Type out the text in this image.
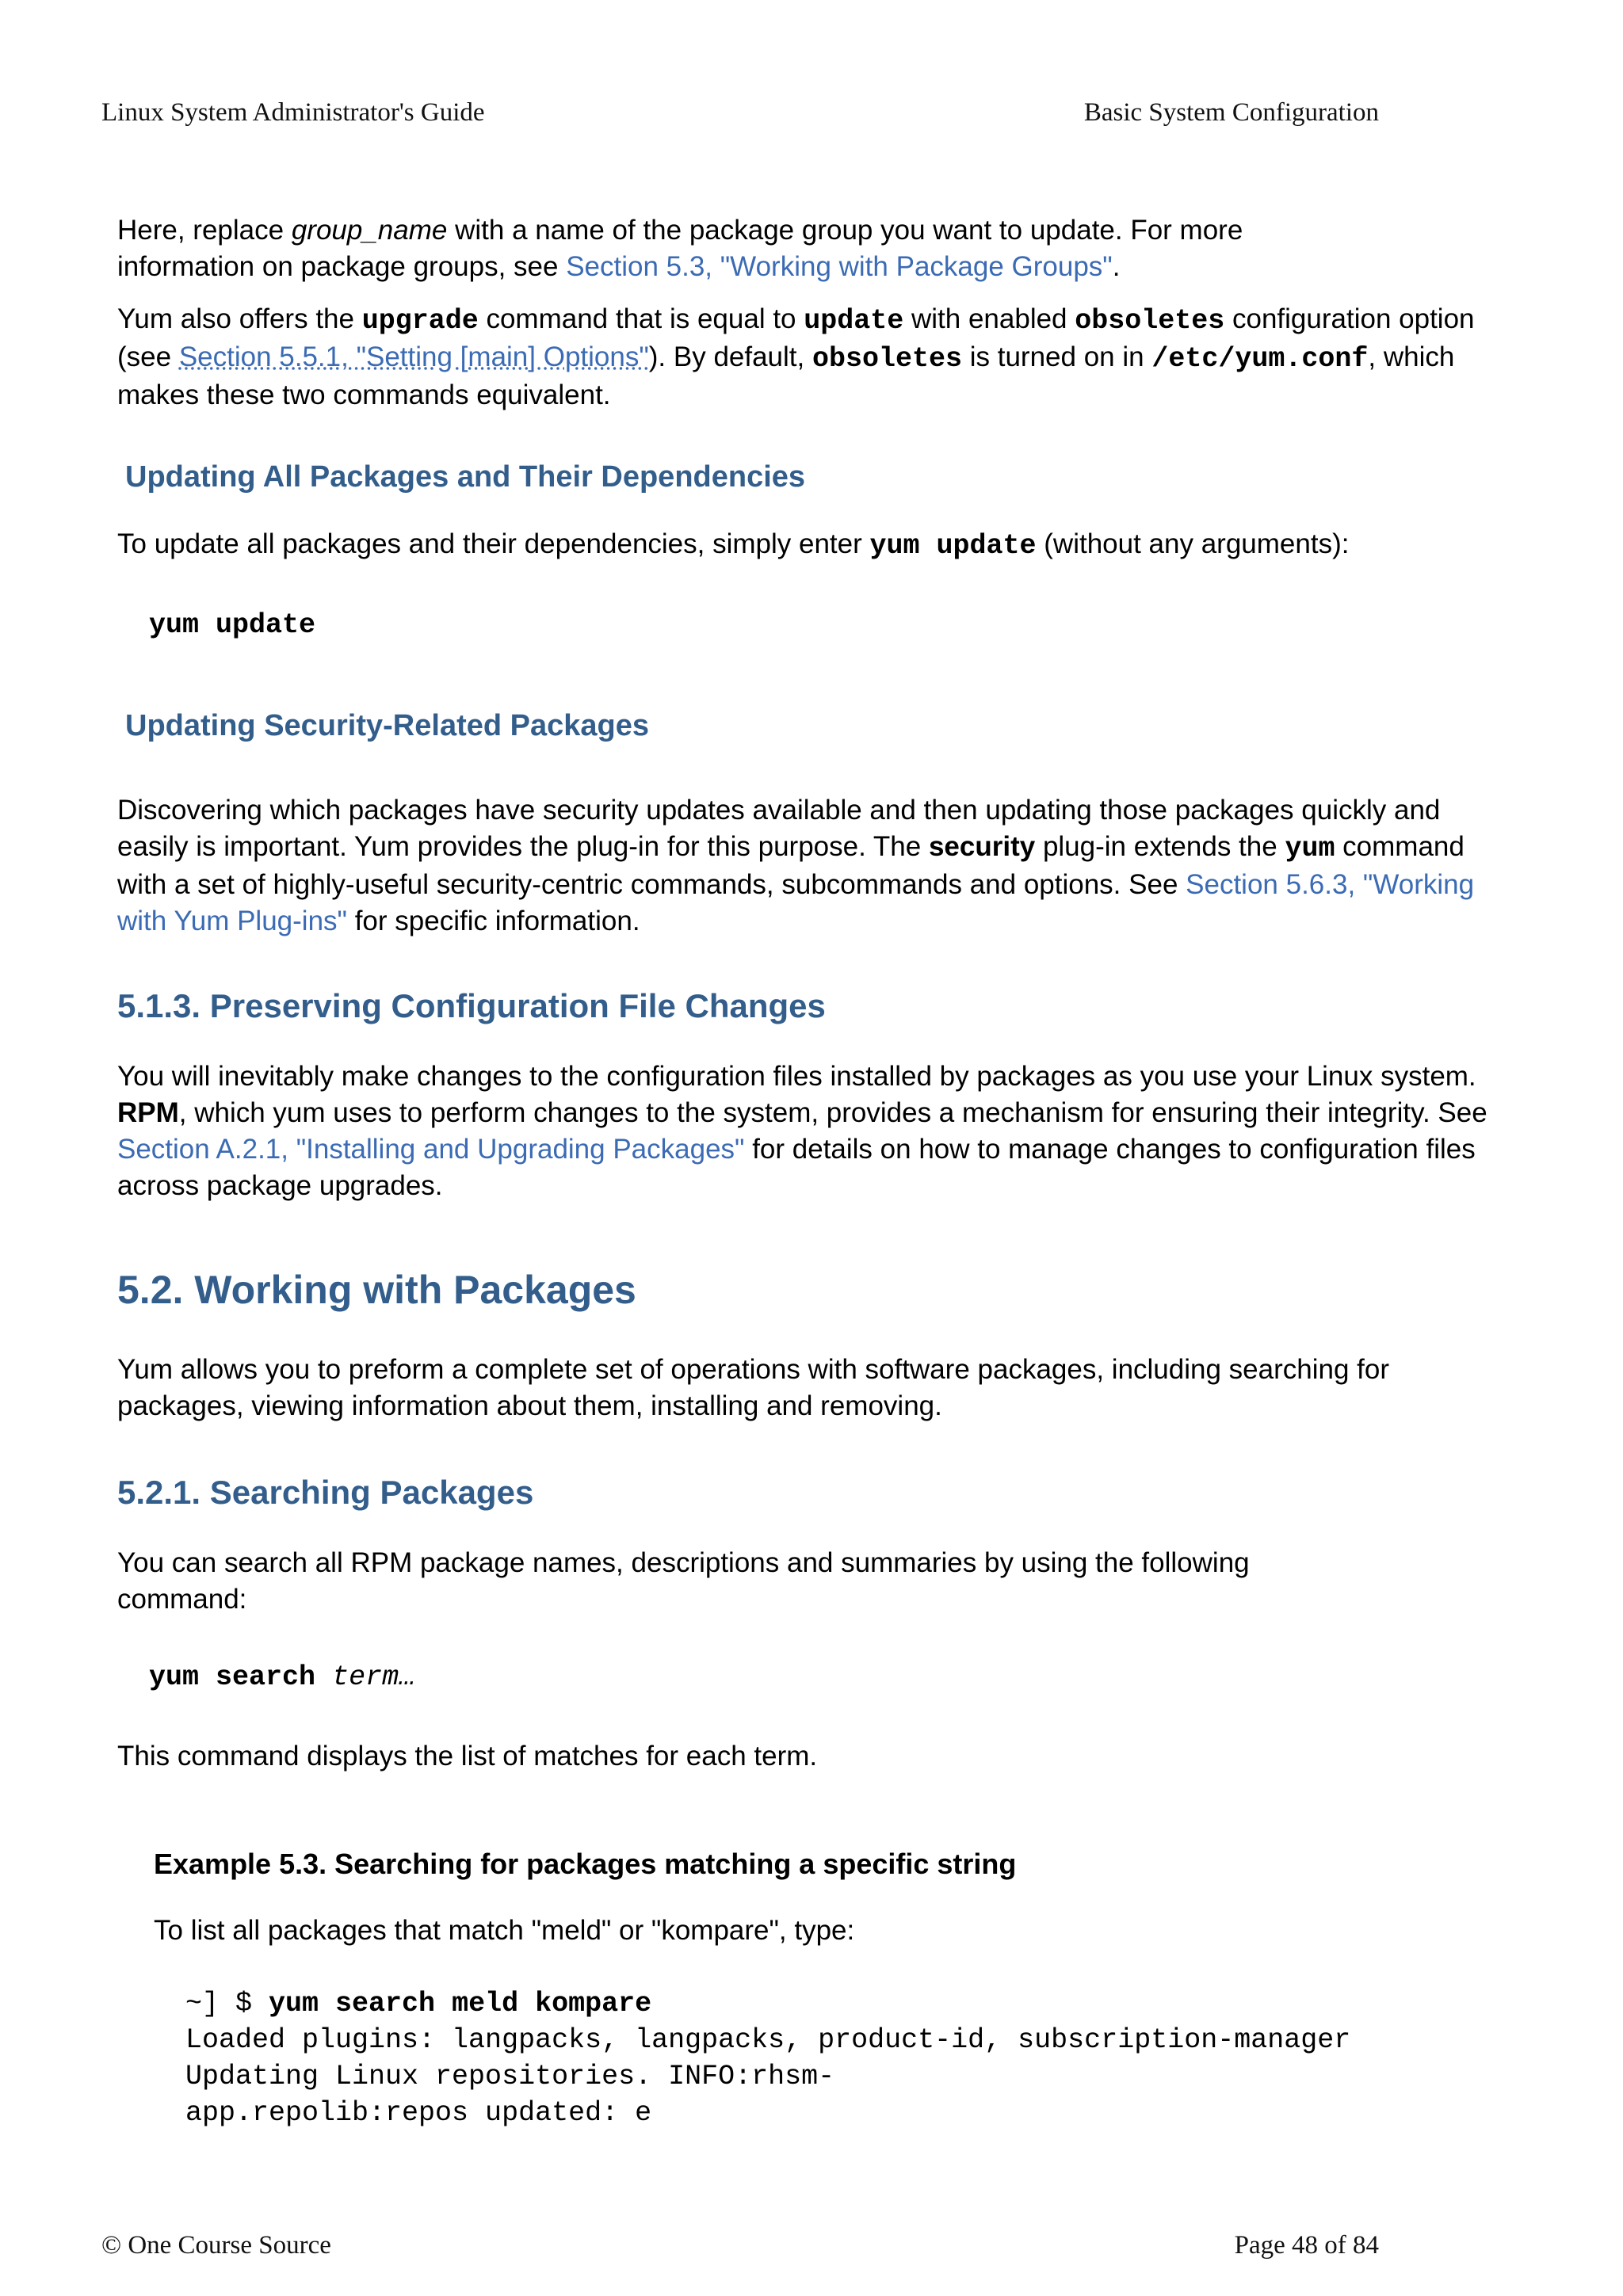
Linux System Administrator's Guide	Basic System Configuration

Here, replace group_name with a name of the package group you want to update. For more information on package groups, see Section 5.3, "Working with Package Groups".

Yum also offers the upgrade command that is equal to update with enabled obsoletes configuration option (see Section 5.5.1, "Setting [main] Options"). By default, obsoletes is turned on in /etc/yum.conf, which makes these two commands equivalent.

Updating All Packages and Their Dependencies

To update all packages and their dependencies, simply enter yum update (without any arguments):

yum update
Updating Security-Related Packages

Discovering which packages have security updates available and then updating those packages quickly and easily is important. Yum provides the plug-in for this purpose. The security plug-in extends the yum command with a set of highly-useful security-centric commands, subcommands and options. See Section 5.6.3, "Working with Yum Plug-ins" for specific information.

5.1.3. Preserving Configuration File Changes

You will inevitably make changes to the configuration files installed by packages as you use your Linux system. RPM, which yum uses to perform changes to the system, provides a mechanism for ensuring their integrity. See Section A.2.1, "Installing and Upgrading Packages" for details on how to manage changes to configuration files across package upgrades.

5.2. Working with Packages

Yum allows you to preform a complete set of operations with software packages, including searching for packages, viewing information about them, installing and removing.

5.2.1. Searching Packages

You can search all RPM package names, descriptions and summaries by using the following command:

yum search term…

This command displays the list of matches for each term.

Example 5.3. Searching for packages matching a specific string

To list all packages that match "meld" or "kompare", type:

~] $ yum search meld kompare
Loaded plugins: langpacks, langpacks, product-id, subscription-manager
Updating Linux repositories. INFO:rhsm-
app.repolib:repos updated: e
© One Course Source	Page 48 of 84
